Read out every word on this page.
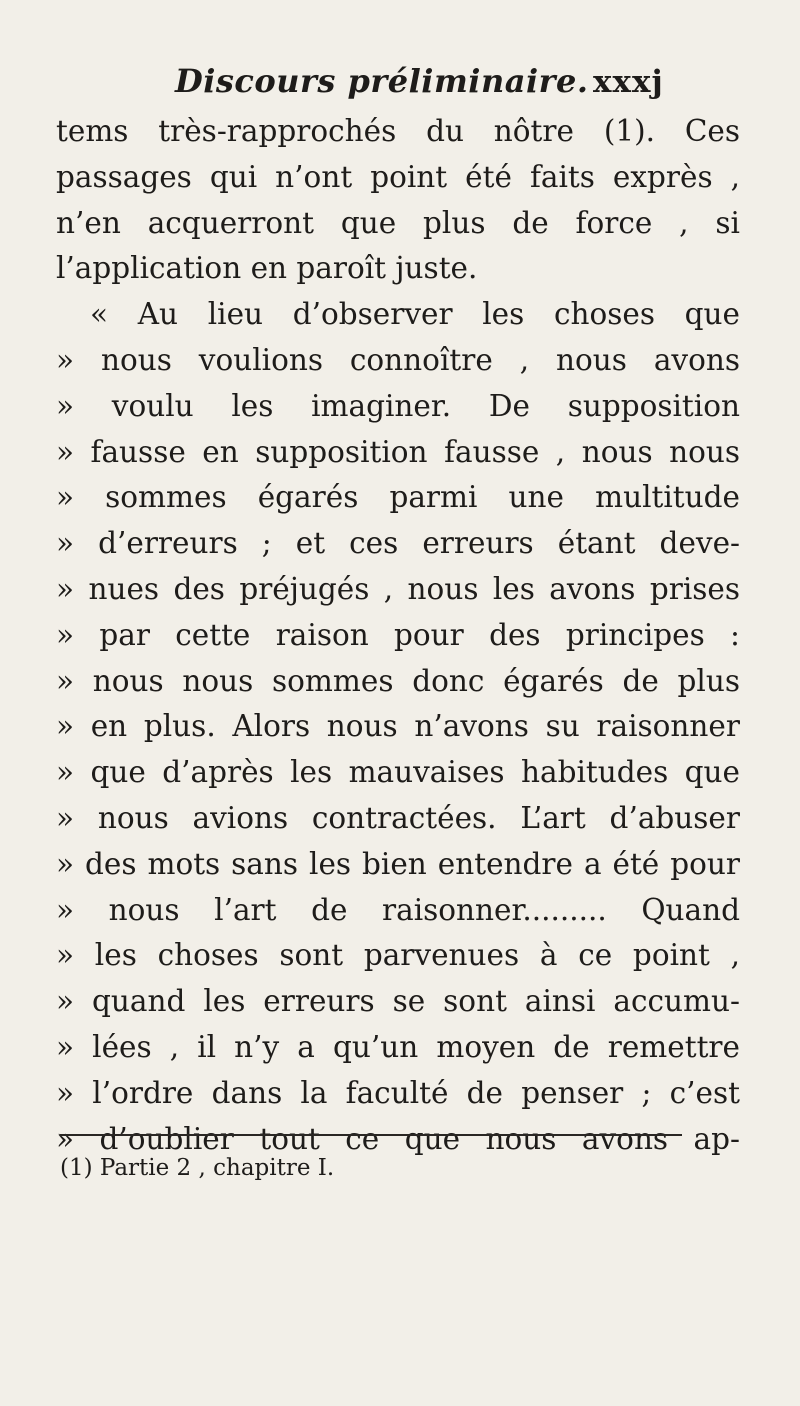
Discours préliminaire. xxxj
tems très-rapprochés du nôtre (1). Ces
passages qui n’ont point été faits exprès ,
n’en acquerront que plus de force , si
l’application en paroît juste.
« Au lieu d’observer les choses que
» nous voulions connoître , nous avons
» voulu les imaginer. De supposition
» fausse en supposition fausse , nous nous
» sommes égarés parmi une multitude
» d’erreurs ; et ces erreurs étant deve-
» nues des préjugés , nous les avons prises
» par cette raison pour des principes :
» nous nous sommes donc égarés de plus
» en plus. Alors nous n’avons su raisonner
» que d’après les mauvaises habitudes que
» nous avions contractées. L’art d’abuser
» des mots sans les bien entendre a été pour
» nous l’art de raisonner......... Quand
» les choses sont parvenues à ce point ,
» quand les erreurs se sont ainsi accumu-
» lées , il n’y a qu’un moyen de remettre
» l’ordre dans la faculté de penser ; c’est
» d’oublier tout ce que nous avons ap-
(1) Partie 2 , chapitre I.
